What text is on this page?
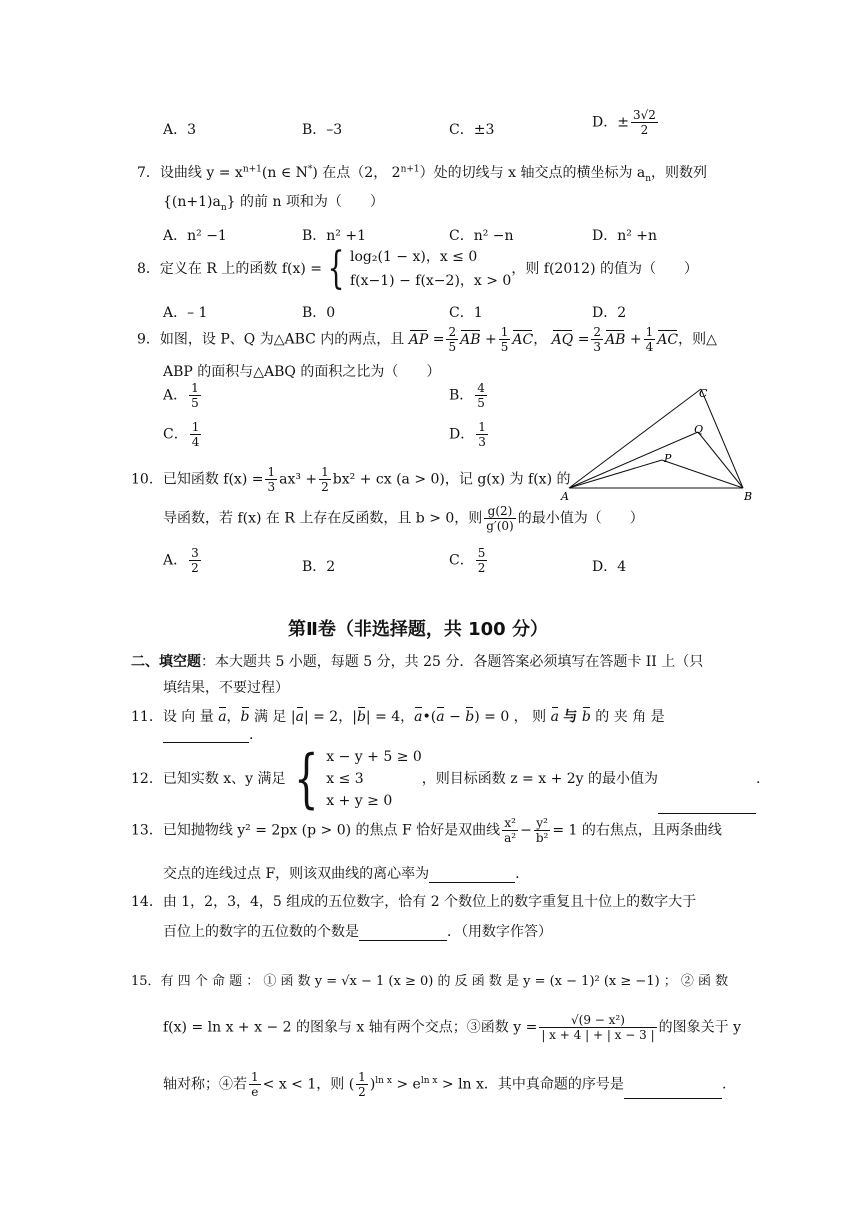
A．3	B．–3	C．±3	D．± $\frac{3√2}{2}$
7．设曲线 $y = x^{n+1}(n$ ∈ N*) 在点（2， $2^{n+1}$）处的切线与 x 轴交点的横坐标为 $a_n$，则数列
$\{(n+1)a_n\}$ 的前 n 项和为（　　）
A．n² −1	B．n² +1	C．n² −n	D．n² +n
8．定义在 R 上的函数 f(x) = { log₂(1 − x)，x ≤ 0
f(x−1) − f(x−2)，x > 0
，则 f(2012) 的值为（　　）
A．– 1	B．0	C．1	D．2
9．如图，设 P、Q 为△ABC 内的两点，且 AP = $\frac{2}{5}$ AB + $\frac{1}{5}$ AC， AQ = $\frac{2}{3}$ AB + $\frac{1}{4}$ AC，则△
ABP 的面积与△ABQ 的面积之比为（　　）
A． $\frac{1}{5}$	B． $\frac{4}{5}$
C． $\frac{1}{4}$	D． $\frac{1}{3}$
A	B
C
Q
P
10．已知函数 $f(x) = \frac{1}{3} ax^3 + \frac{1}{2} bx^2$ + cx (a > 0)，记 g(x) 为 f(x) 的
导函数，若 f(x) 在 R 上存在反函数，且 b > 0，则 $\frac{g(2)}{g'(0)}$ 的最小值为（　　）
A． $\frac{3}{2}$	B．2	C． $\frac{5}{2}$	D．4
第Ⅱ卷（非选择题，共 100 分）
二、填空题：本大题共 5 小题，每题 5 分，共 25 分．各题答案必须填写在答题卡 II 上（只
填结果，不要过程）
11．设 向 量 a，b 满 足 |a| = 2，|b| = 4，a•(a − b) = 0 ， 则 a 与 b 的 夹 角 是
.
12．已知实数 x、y 满足 { x − y + 5 ≥ 0
x ≤ 3
x + y ≥ 0
，则目标函数 z = x + 2y 的最小值为	.
13．已知抛物线 y² = 2px (p > 0) 的焦点 F 恰好是双曲线 $\frac{\text{x²}}{\text{a²}} - \frac{\text{y²}}{\text{b²}} = 1$ 的右焦点，且两条曲线
交点的连线过点 F，则该双曲线的离心率为	.
14．由 1，2，3，4，5 组成的五位数字，恰有 2 个数位上的数字重复且十位上的数字大于
百位上的数字的五位数的个数是	．（用数字作答）
15．有 四 个 命 题 ： ① 函 数 y = √x − 1 (x ≥ 0) 的 反 函 数 是 y = (x − 1)² (x ≥ −1) ； ② 函 数
f(x) = ln x + x − 2 的图象与 x 轴有两个交点；③函数 $y = \frac{\text{√(9 − x²)}}{| x + 4 | + | x - 3 |}$ 的图象关于 y
轴对称；④若 $\frac{1}{e} < x < 1$，则 ( $\frac{1}{2} )^{ln x} > e^{ln x} > \ln x$．其中真命题的序号是	.
